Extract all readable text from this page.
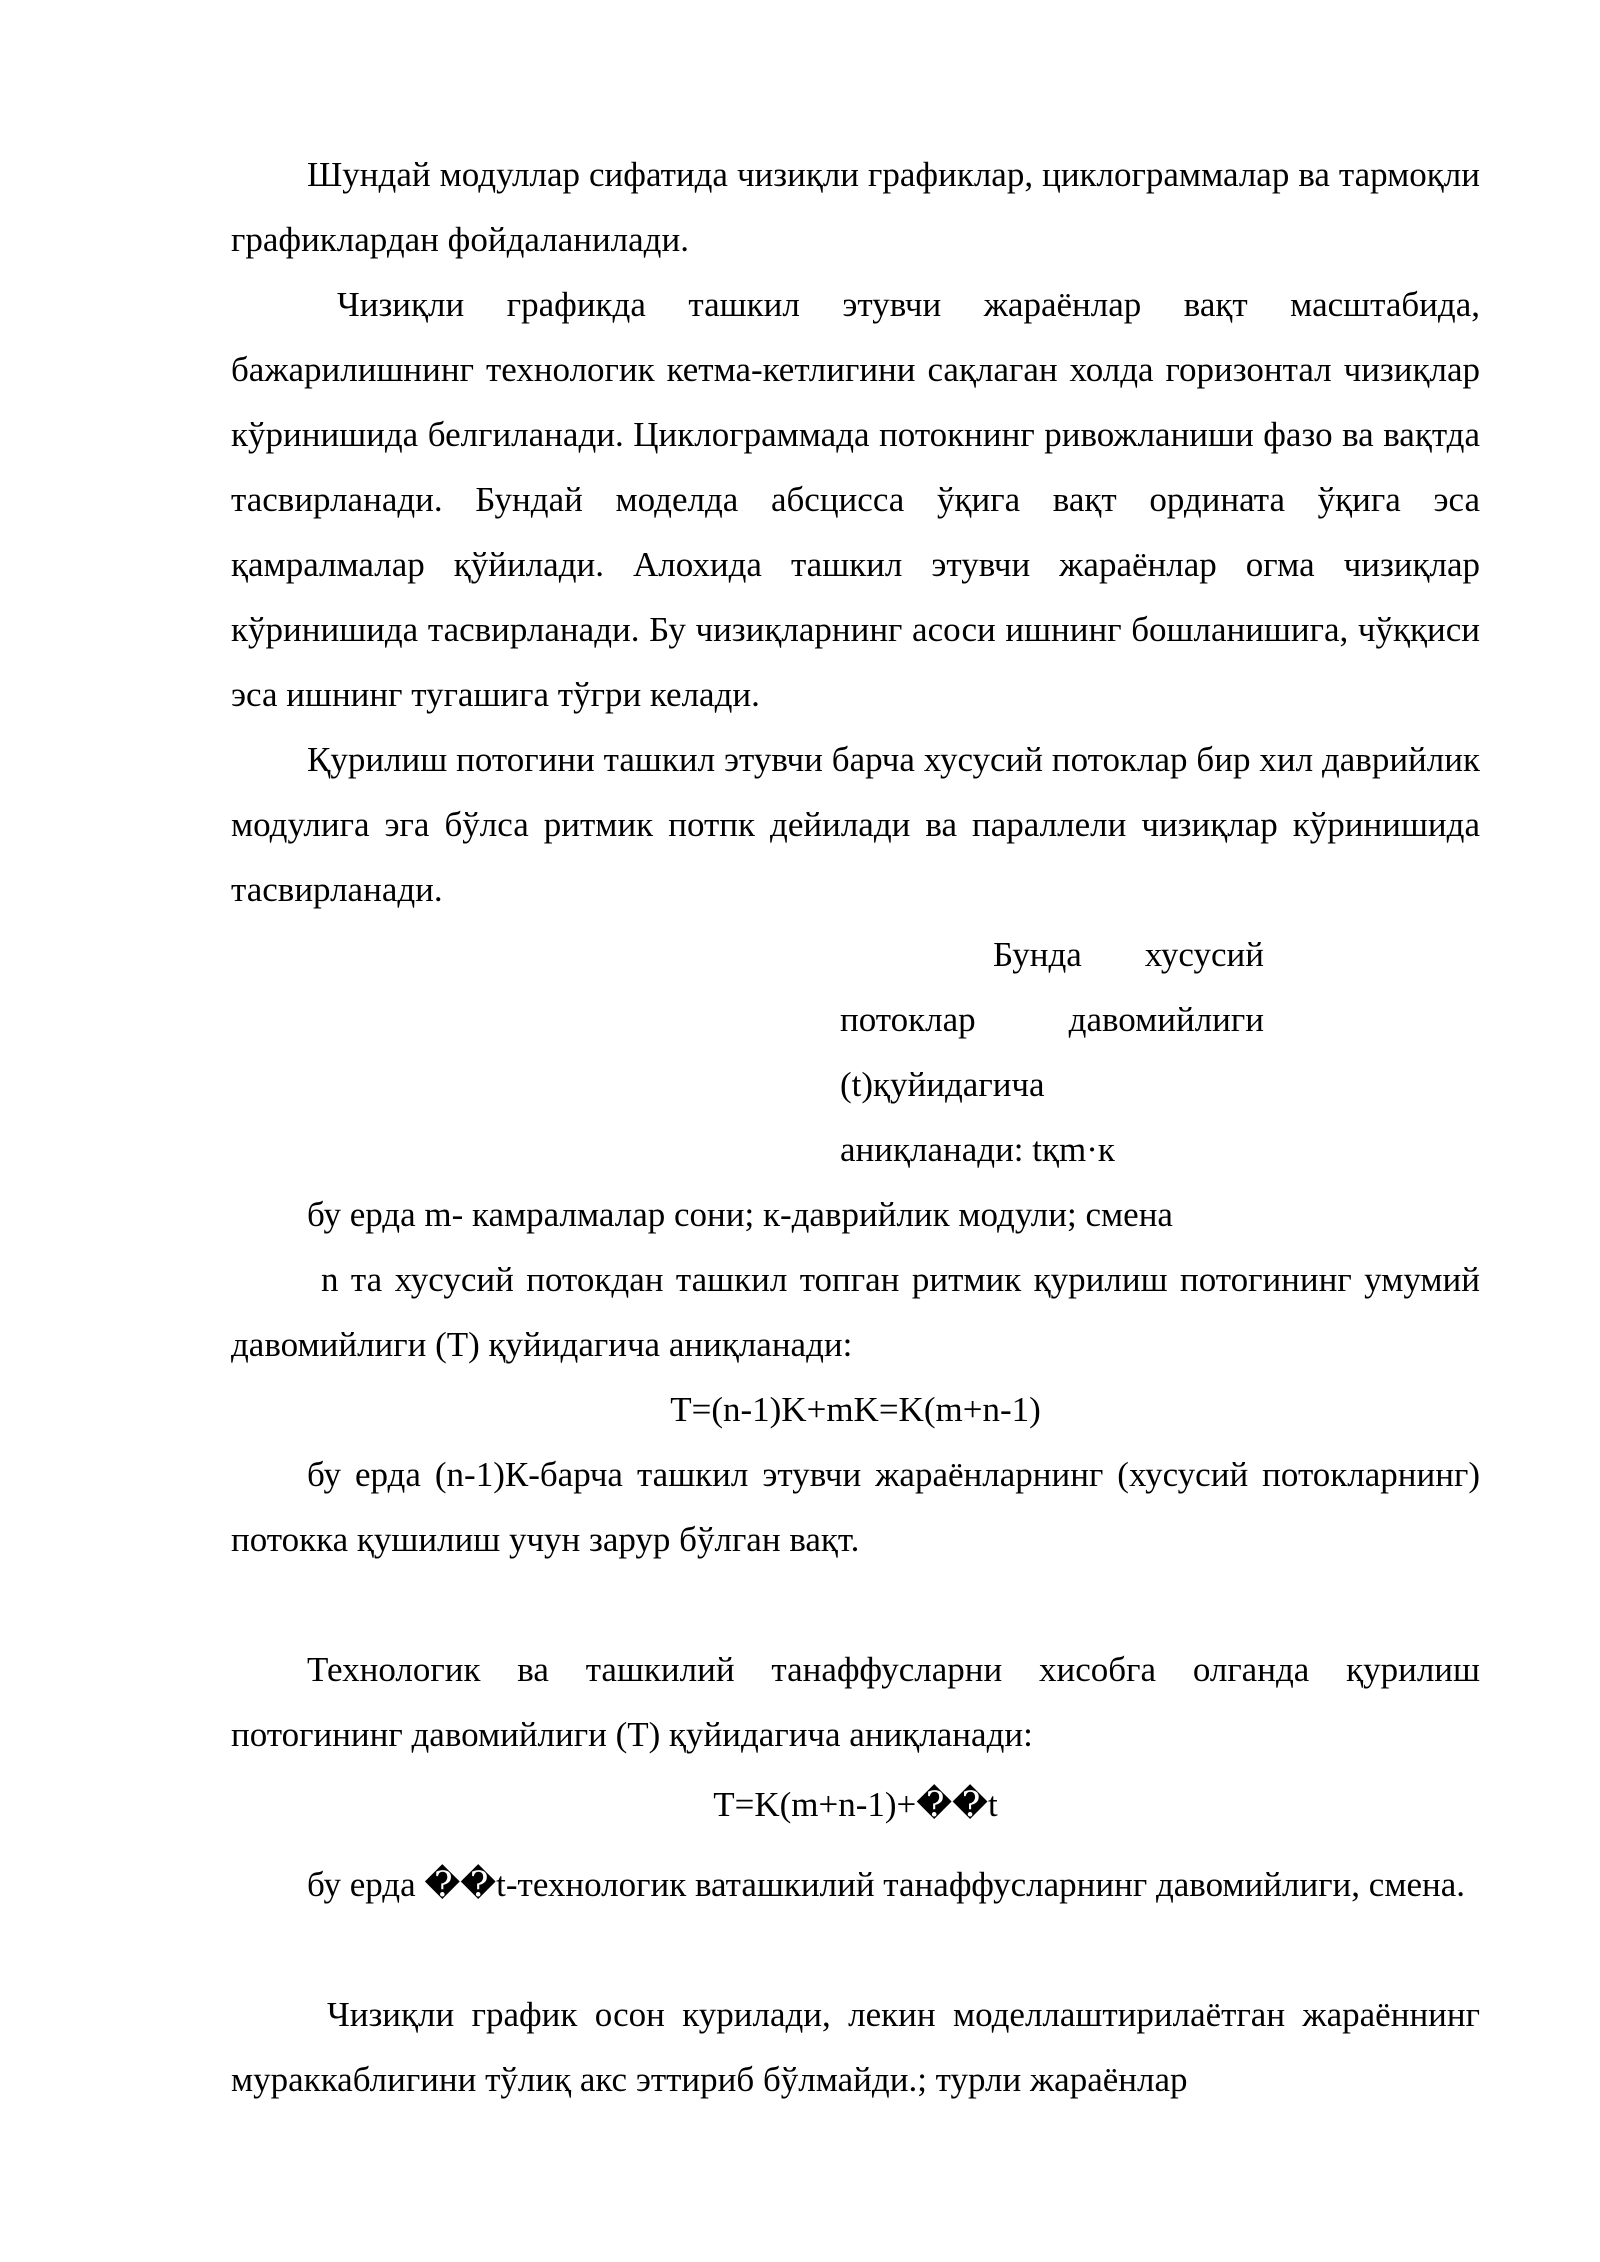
Шундай модуллар сифатида чизиқли графиклар, циклограммалар ва тармоқли графиклардан фойдаланилади.

Чизиқли графикда ташкил этувчи жараёнлар вақт масштабида, бажарилишнинг технологик кетма-кетлигини сақлаган холда горизонтал чизиқлар кўринишида белгиланади. Циклограммада потокнинг ривожланиши фазо ва вақтда тасвирланади. Бундай моделда абсцисса ўқига вақт ордината ўқига эса қамралмалар қўйилади. Алохида ташкил этувчи жараёнлар огма чизиқлар кўринишида тасвирланади. Бу чизиқларнинг асоси ишнинг бошланишига, чўққиси эса ишнинг тугашига тўгри келади.

Қурилиш потогини ташкил этувчи барча хусусий потоклар бир хил даврийлик модулига эга бўлса ритмик потпк дейилади ва параллели чизиқлар кўринишида тасвирланади.

Бунда хусусий
потоклар давомийлиги
(t)қуйидагича
аниқланади: tқm·к

бу ерда m- камралмалар сони; к-даврийлик модули; смена

n та хусусий потокдан ташкил топган ритмик қурилиш потогининг умумий давомийлиги (Т) қуйидагича аниқланади:

T=(n-1)K+mK=K(m+n-1)

бу ерда (n-1)К-барча ташкил этувчи жараёнларнинг (хусусий потокларнинг) потокка қушилиш учун зарур бўлган вақт.

Технологик ва ташкилий танаффусларни хисобга олганда қурилиш потогининг давомийлиги (Т) қуйидагича аниқланади:

T=K(m+n-1)+��t

бу ерда ��t-технологик ваташкилий танаффусларнинг давомийлиги, смена.

Чизиқли график осон курилади, лекин моделлаштирилаётган жараённинг мураккаблигини тўлиқ акс эттириб бўлмайди.; турли жараёнлар
